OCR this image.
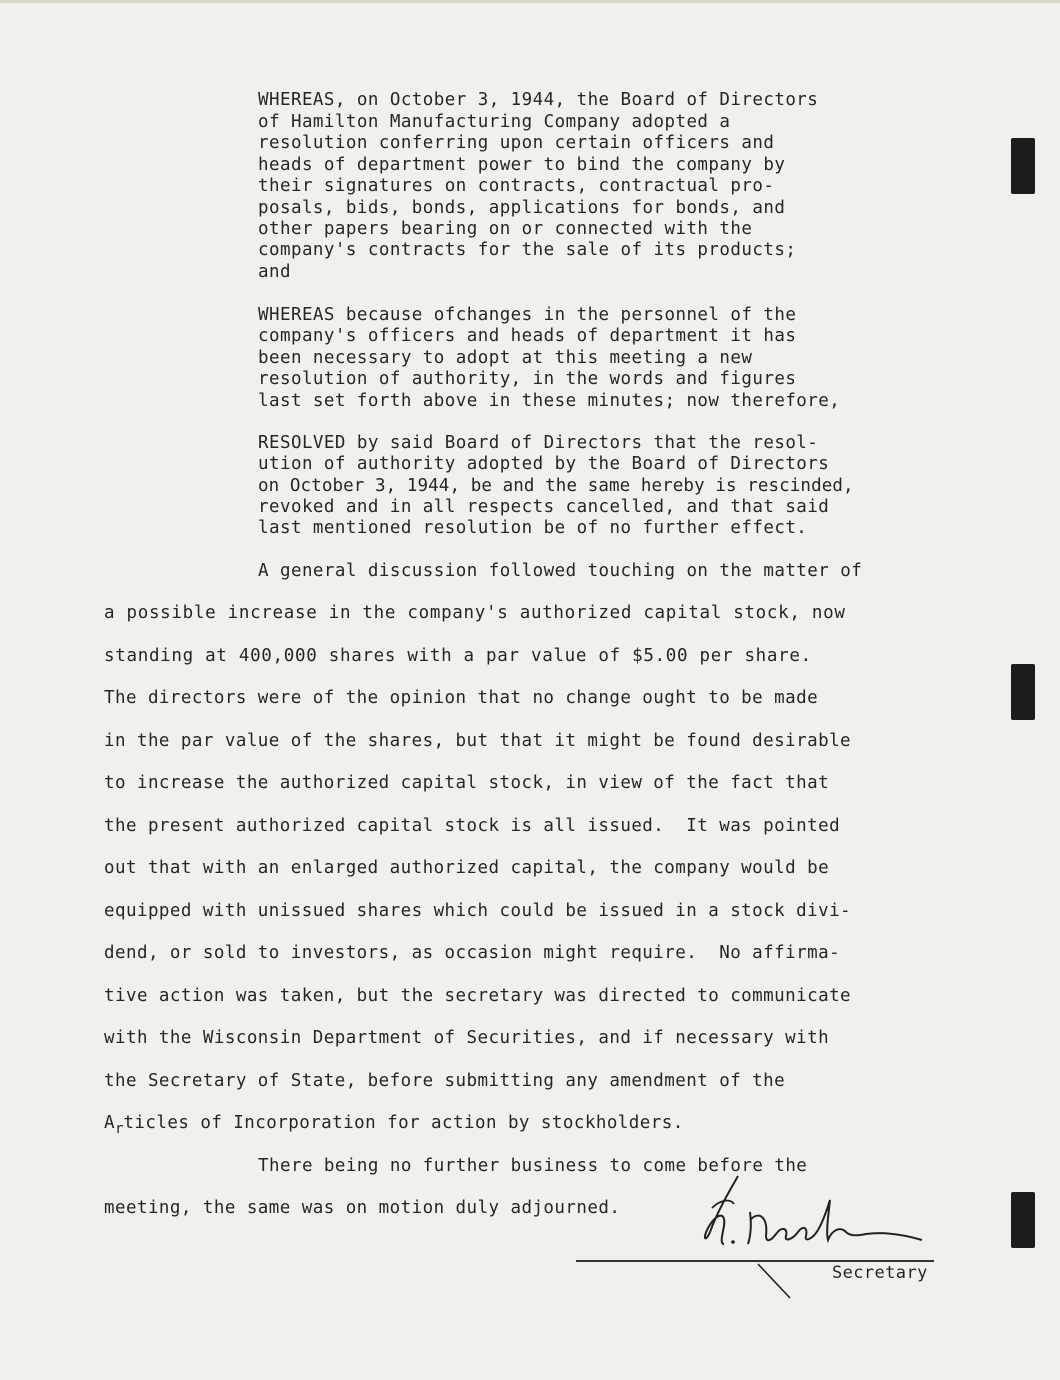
WHEREAS, on October 3, 1944, the Board of Directors
of Hamilton Manufacturing Company adopted a
resolution conferring upon certain officers and
heads of department power to bind the company by
their signatures on contracts, contractual pro-
posals, bids, bonds, applications for bonds, and
other papers bearing on or connected with the
company's contracts for the sale of its products;
and
WHEREAS because ofchanges in the personnel of the
company's officers and heads of department it has
been necessary to adopt at this meeting a new
resolution of authority, in the words and figures
last set forth above in these minutes; now therefore,
RESOLVED by said Board of Directors that the resol-
ution of authority adopted by the Board of Directors
on October 3, 1944, be and the same hereby is rescinded,
revoked and in all respects cancelled, and that said
last mentioned resolution be of no further effect.
A general discussion followed touching on the matter of
a possible increase in the company's authorized capital stock, now
standing at 400,000 shares with a par value of $5.00 per share.
The directors were of the opinion that no change ought to be made
in the par value of the shares, but that it might be found desirable
to increase the authorized capital stock, in view of the fact that
the present authorized capital stock is all issued.  It was pointed
out that with an enlarged authorized capital, the company would be
equipped with unissued shares which could be issued in a stock divi-
dend, or sold to investors, as occasion might require.  No affirma-
tive action was taken, but the secretary was directed to communicate
with the Wisconsin Department of Securities, and if necessary with
the Secretary of State, before submitting any amendment of the
$A_rticles$ of Incorporation for action by stockholders.
There being no further business to come before the
meeting, the same was on motion duly adjourned.
Secretary
